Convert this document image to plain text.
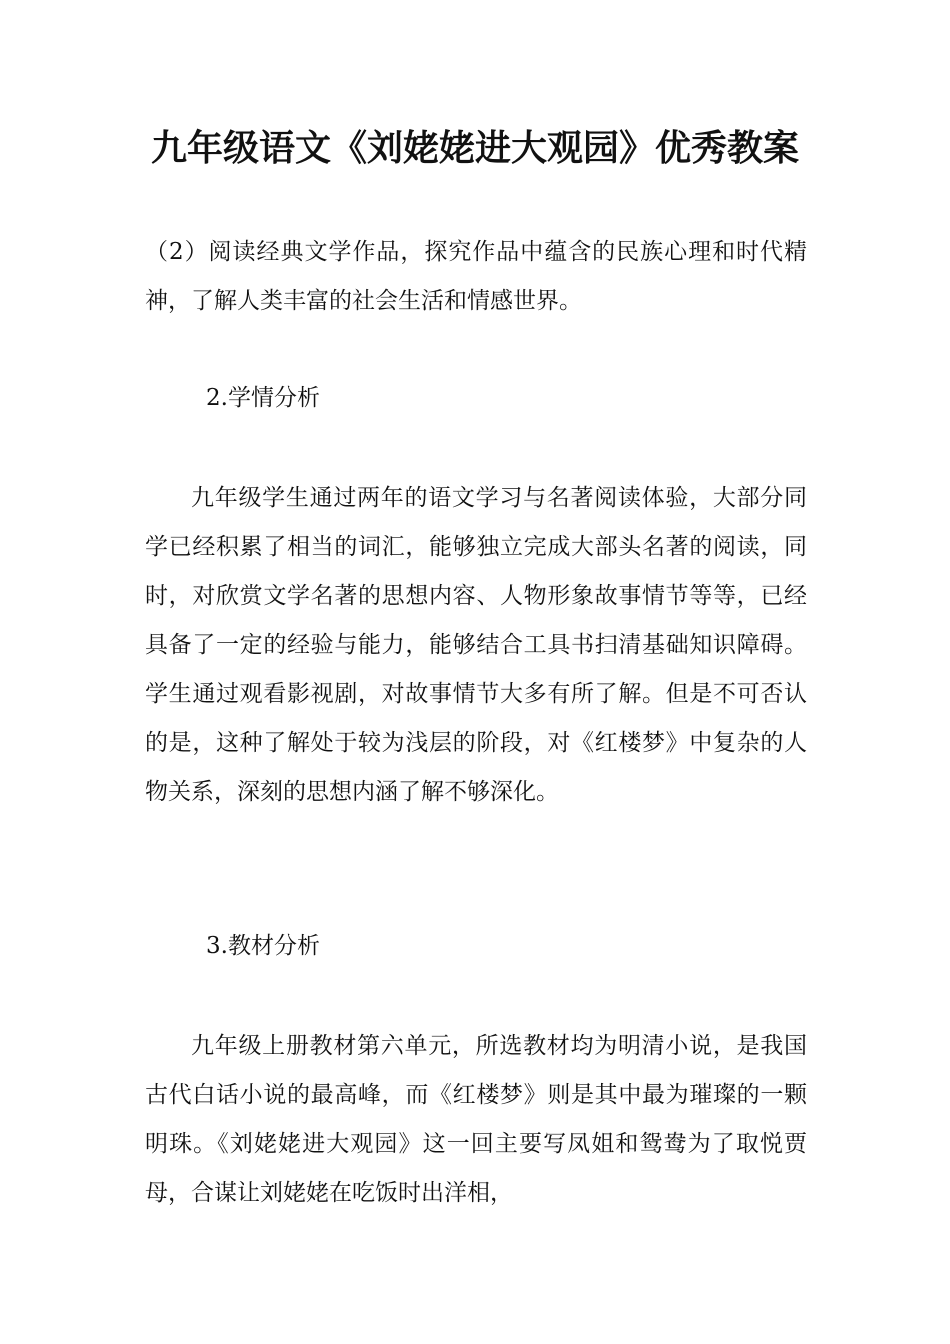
九年级语文《刘姥姥进大观园》优秀教案

（2）阅读经典文学作品，探究作品中蕴含的民族心理和时代精神，了解人类丰富的社会生活和情感世界。

2.学情分析

九年级学生通过两年的语文学习与名著阅读体验，大部分同学已经积累了相当的词汇，能够独立完成大部头名著的阅读，同时，对欣赏文学名著的思想内容、人物形象故事情节等等，已经具备了一定的经验与能力，能够结合工具书扫清基础知识障碍。学生通过观看影视剧，对故事情节大多有所了解。但是不可否认的是，这种了解处于较为浅层的阶段，对《红楼梦》中复杂的人物关系，深刻的思想内涵了解不够深化。

3.教材分析

九年级上册教材第六单元，所选教材均为明清小说，是我国古代白话小说的最高峰，而《红楼梦》则是其中最为璀璨的一颗明珠。《刘姥姥进大观园》这一回主要写凤姐和鸳鸯为了取悦贾母，合谋让刘姥姥在吃饭时出洋相，
